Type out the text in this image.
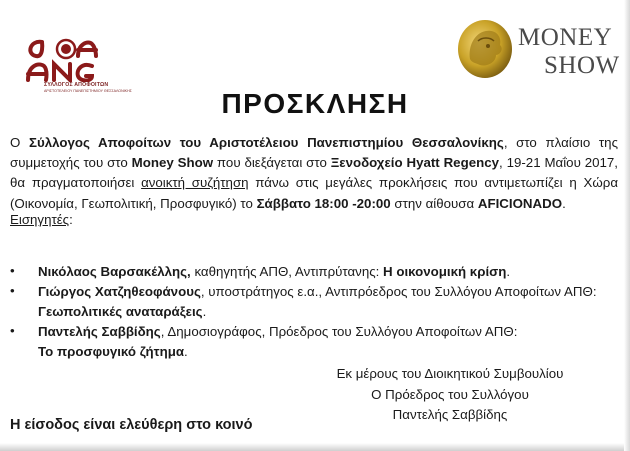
ΣΥΛΛΟΓΟΣ ΑΠΟΦΟΙΤΩΝ
ΑΡΙΣΤΟΤΕΛΕΙΟΥ ΠΑΝΕΠΙΣΤΗΜΙΟΥ ΘΕΣΣΑΛΟΝΙΚΗΣ
MONEY
SHOW
ΠΡΟΣΚΛΗΣΗ
Ο Σύλλογος Αποφοίτων του Αριστοτέλειου Πανεπιστημίου Θεσσαλονίκης, στο πλαίσιο της συμμετοχής του στο Money Show που διεξάγεται στο Ξενοδοχείο Hyatt Regency, 19-21 Μαΐου 2017, θα πραγματοποιήσει ανοικτή συζήτηση πάνω στις μεγάλες προκλήσεις που αντιμετωπίζει η Χώρα (Οικονομία, Γεωπολιτική, Προσφυγικό) το Σάββατο 18:00 -20:00 στην αίθουσα AFICIONADO.
Εισηγητές:
• Νικόλαος Βαρσακέλλης, καθηγητής ΑΠΘ, Αντιπρύτανης: Η οικονομική κρίση.
• Γιώργος Χατζηθεοφάνους, υποστράτηγος ε.α., Αντιπρόεδρος του Συλλόγου Αποφοίτων ΑΠΘ: Γεωπολιτικές αναταράξεις.
• Παντελής Σαββίδης, Δημοσιογράφος, Πρόεδρος του Συλλόγου Αποφοίτων ΑΠΘ:
Το προσφυγικό ζήτημα.
Εκ μέρους του Διοικητικού Συμβουλίου
Ο Πρόεδρος του Συλλόγου
Παντελής Σαββίδης
Η είσοδος είναι ελεύθερη στο κοινό
